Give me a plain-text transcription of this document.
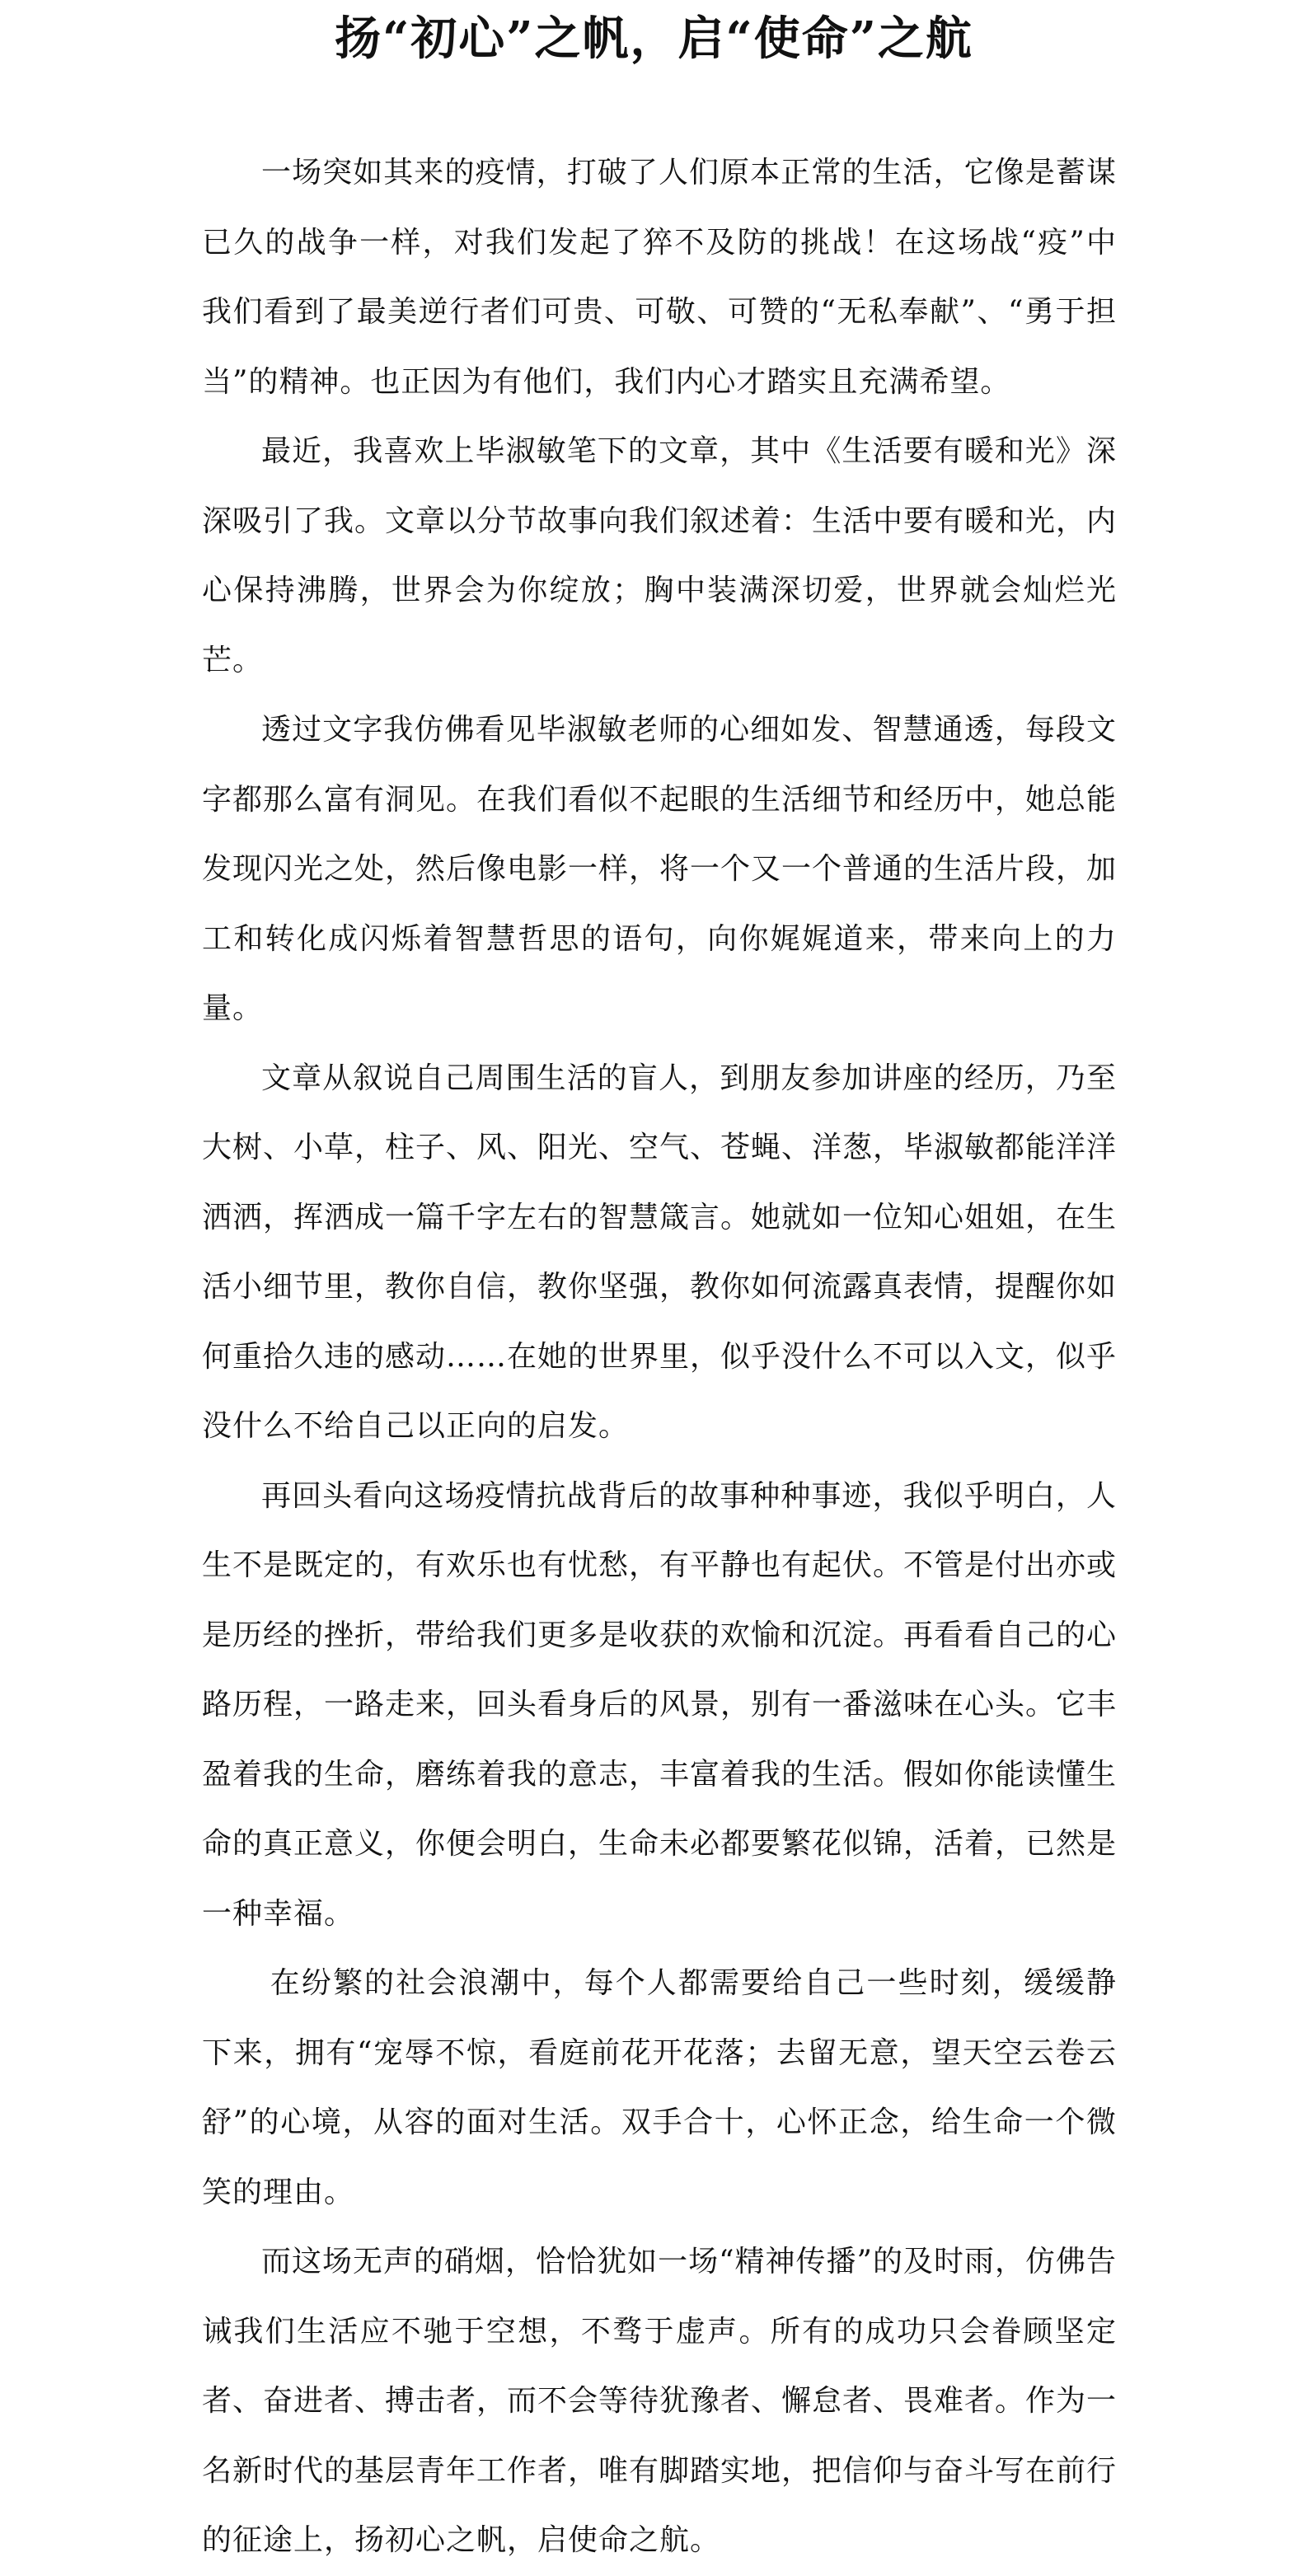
扬“初心”之帆，启“使命”之航

一场突如其来的疫情，打破了人们原本正常的生活，它像是蓄谋已久的战争一样，对我们发起了猝不及防的挑战！在这场战“疫”中我们看到了最美逆行者们可贵、可敬、可赞的“无私奉献”、“勇于担当”的精神。也正因为有他们，我们内心才踏实且充满希望。

最近，我喜欢上毕淑敏笔下的文章，其中《生活要有暖和光》深深吸引了我。文章以分节故事向我们叙述着：生活中要有暖和光，内心保持沸腾，世界会为你绽放；胸中装满深切爱，世界就会灿烂光芒。

透过文字我仿佛看见毕淑敏老师的心细如发、智慧通透，每段文字都那么富有洞见。在我们看似不起眼的生活细节和经历中，她总能发现闪光之处，然后像电影一样，将一个又一个普通的生活片段，加工和转化成闪烁着智慧哲思的语句，向你娓娓道来，带来向上的力量。

文章从叙说自己周围生活的盲人，到朋友参加讲座的经历，乃至大树、小草，柱子、风、阳光、空气、苍蝇、洋葱，毕淑敏都能洋洋洒洒，挥洒成一篇千字左右的智慧箴言。她就如一位知心姐姐，在生活小细节里，教你自信，教你坚强，教你如何流露真表情，提醒你如何重拾久违的感动……在她的世界里，似乎没什么不可以入文，似乎没什么不给自己以正向的启发。

再回头看向这场疫情抗战背后的故事种种事迹，我似乎明白，人生不是既定的，有欢乐也有忧愁，有平静也有起伏。不管是付出亦或是历经的挫折，带给我们更多是收获的欢愉和沉淀。再看看自己的心路历程，一路走来，回头看身后的风景，别有一番滋味在心头。它丰盈着我的生命，磨练着我的意志，丰富着我的生活。假如你能读懂生命的真正意义，你便会明白，生命未必都要繁花似锦，活着，已然是一种幸福。

在纷繁的社会浪潮中，每个人都需要给自己一些时刻，缓缓静下来，拥有“宠辱不惊，看庭前花开花落；去留无意，望天空云卷云舒”的心境，从容的面对生活。双手合十，心怀正念，给生命一个微笑的理由。

而这场无声的硝烟，恰恰犹如一场“精神传播”的及时雨，仿佛告诫我们生活应不驰于空想，不骛于虚声。所有的成功只会眷顾坚定者、奋进者、搏击者，而不会等待犹豫者、懈怠者、畏难者。作为一名新时代的基层青年工作者，唯有脚踏实地，把信仰与奋斗写在前行的征途上，扬初心之帆，启使命之航。
